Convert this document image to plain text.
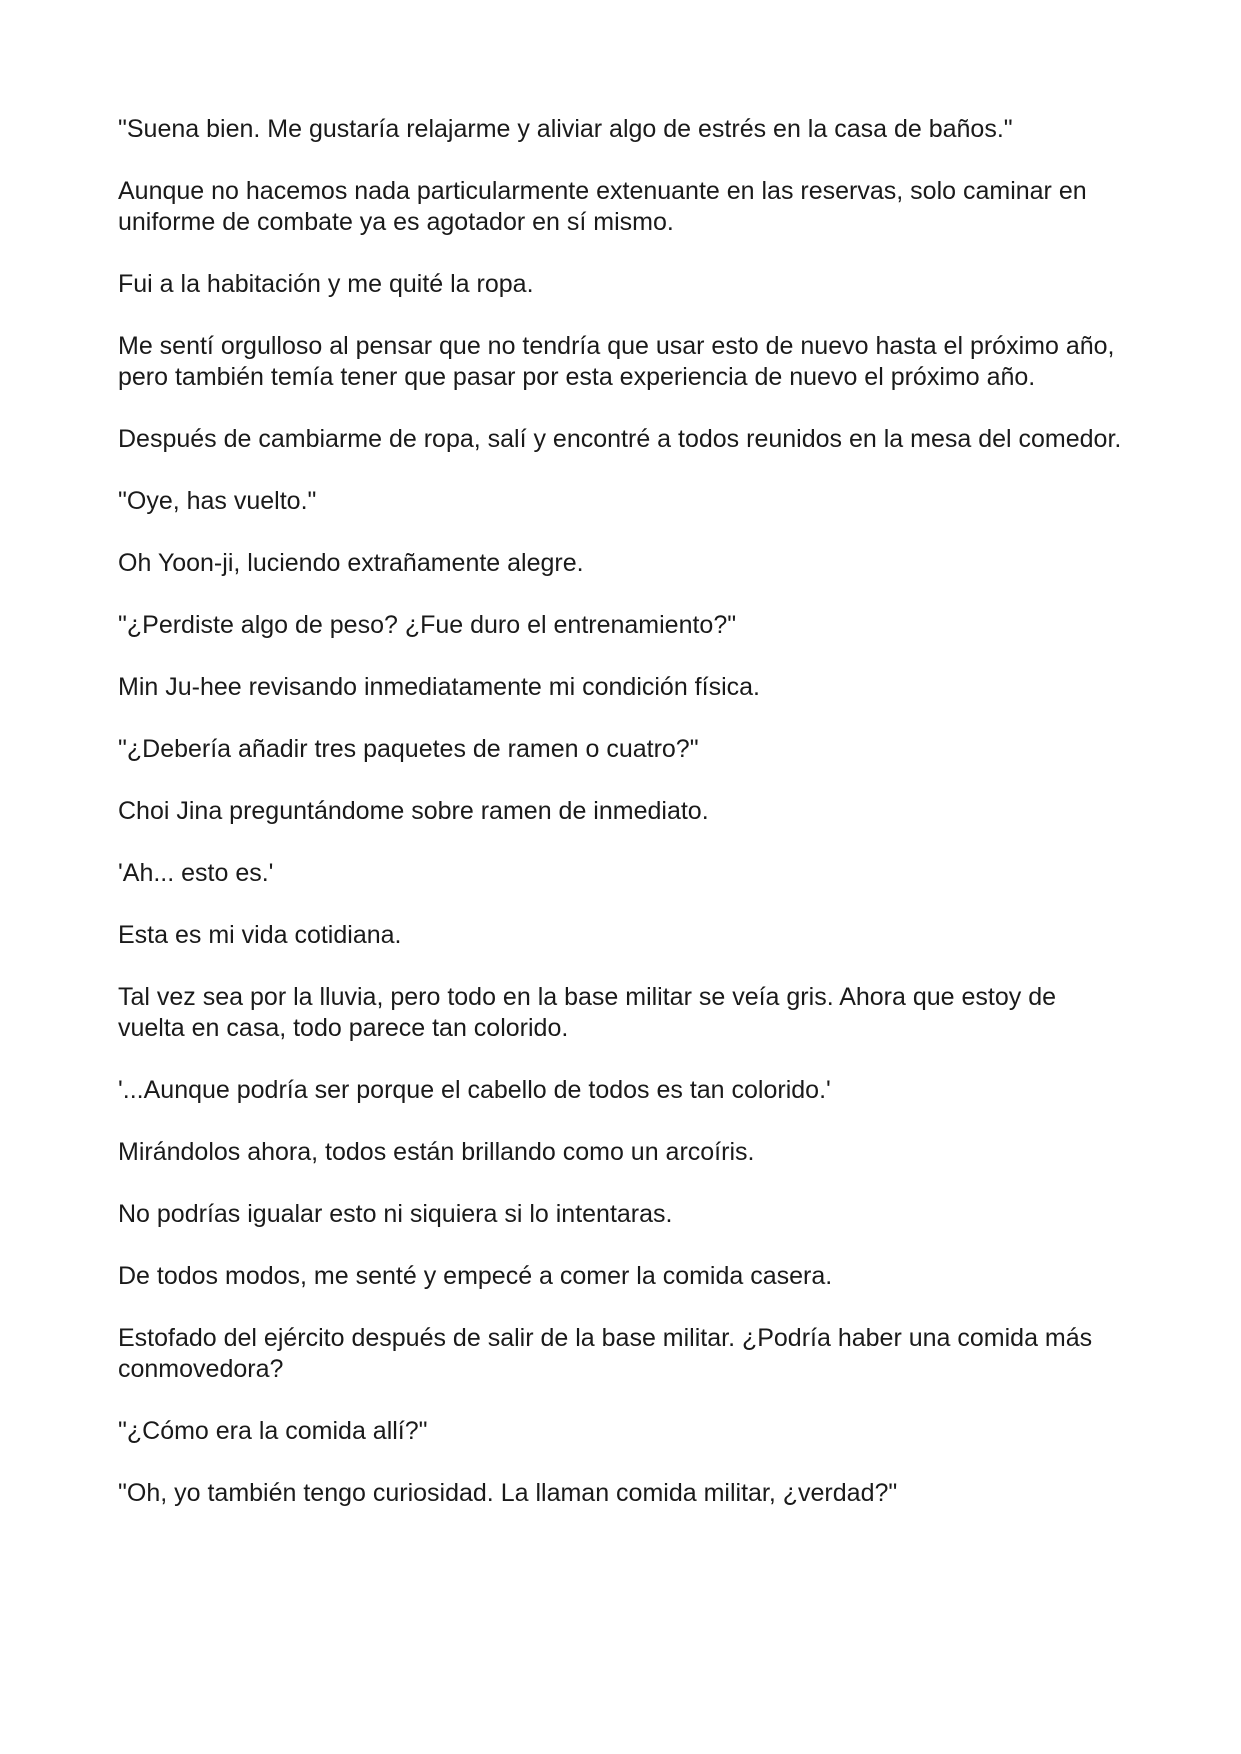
"Suena bien. Me gustaría relajarme y aliviar algo de estrés en la casa de baños."

Aunque no hacemos nada particularmente extenuante en las reservas, solo caminar en uniforme de combate ya es agotador en sí mismo.

Fui a la habitación y me quité la ropa.

Me sentí orgulloso al pensar que no tendría que usar esto de nuevo hasta el próximo año, pero también temía tener que pasar por esta experiencia de nuevo el próximo año.

Después de cambiarme de ropa, salí y encontré a todos reunidos en la mesa del comedor.

"Oye, has vuelto."

Oh Yoon-ji, luciendo extrañamente alegre.

"¿Perdiste algo de peso? ¿Fue duro el entrenamiento?"

Min Ju-hee revisando inmediatamente mi condición física.

"¿Debería añadir tres paquetes de ramen o cuatro?"

Choi Jina preguntándome sobre ramen de inmediato.

'Ah... esto es.'

Esta es mi vida cotidiana.

Tal vez sea por la lluvia, pero todo en la base militar se veía gris. Ahora que estoy de vuelta en casa, todo parece tan colorido.

'...Aunque podría ser porque el cabello de todos es tan colorido.'

Mirándolos ahora, todos están brillando como un arcoíris.

No podrías igualar esto ni siquiera si lo intentaras.

De todos modos, me senté y empecé a comer la comida casera.

Estofado del ejército después de salir de la base militar. ¿Podría haber una comida más conmovedora?

"¿Cómo era la comida allí?"

"Oh, yo también tengo curiosidad. La llaman comida militar, ¿verdad?"
